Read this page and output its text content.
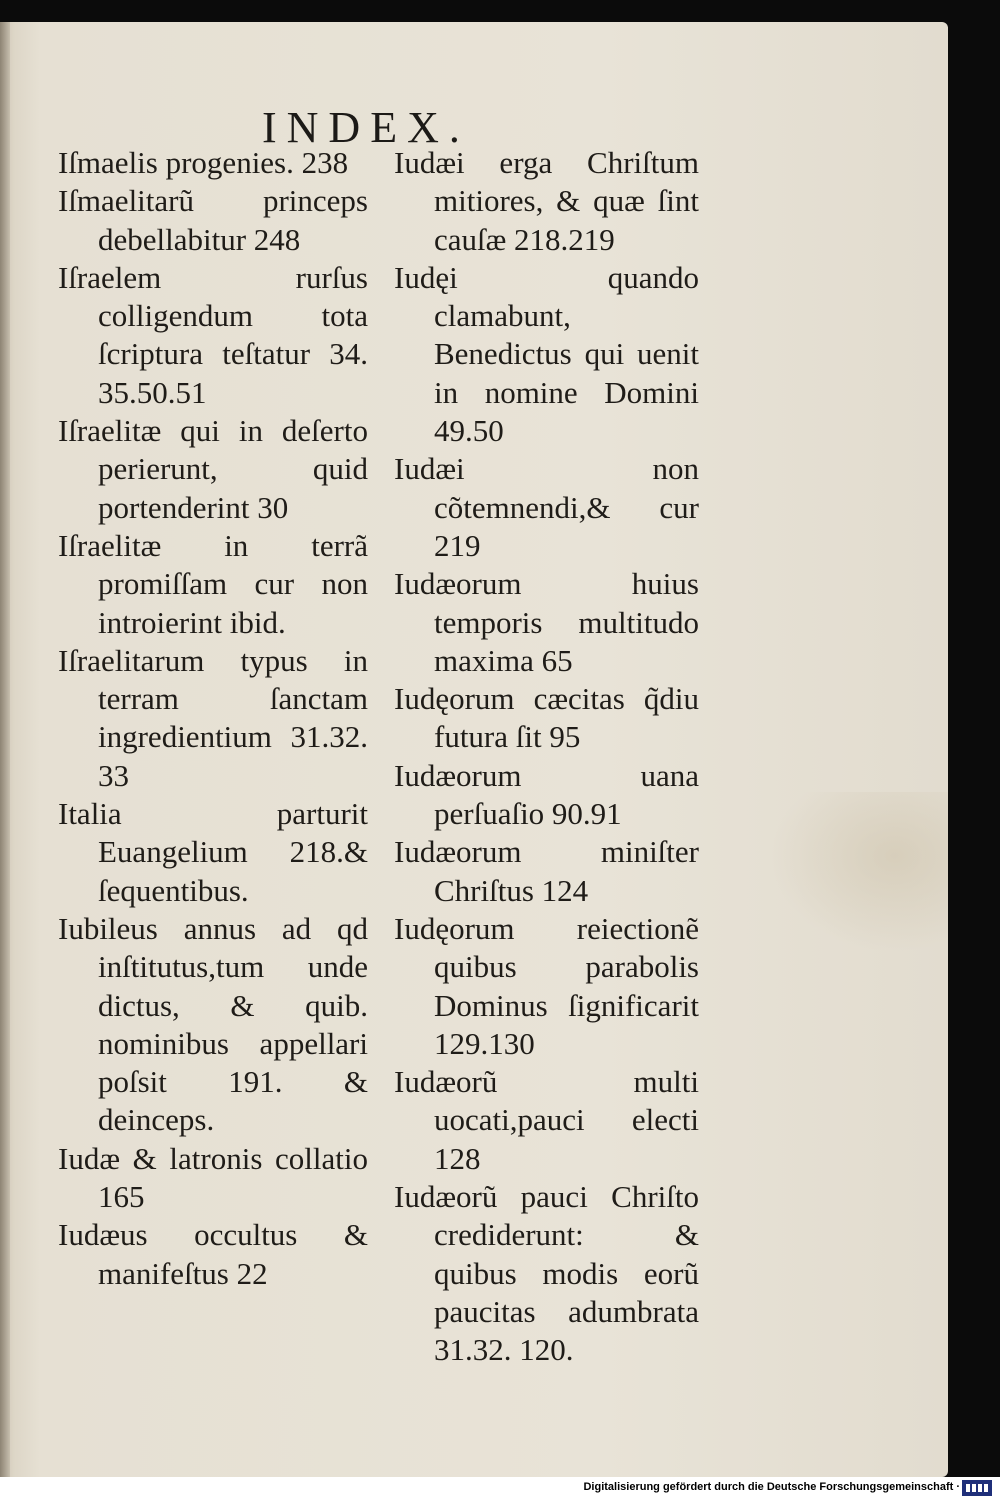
INDEX.
Iſmaelis progenies. 238
Iſmaelitarũ princeps debellabitur 248
Iſraelem rurſus colligendum tota ſcriptura teſtatur 34. 35.50.51
Iſraelitæ qui in deſerto perierunt, quid portenderint 30
Iſraelitæ in terrã promiſſam cur non introierint ibid.
Iſraelitarum typus in terram ſanctam ingredientium 31.32. 33
Italia parturit Euangelium 218.& ſequentibus.
Iubileus annus ad qd inſtitutus,tum unde dictus, & quib. nominibus appellari poſsit 191. & deinceps.
Iudæ & latronis collatio 165
Iudæus occultus & manifeſtus 22
Iudæi erga Chriſtum mitiores, & quæ ſint cauſæ 218.219
Iudęi quando clamabunt, Benedictus qui uenit in nomine Domini 49.50
Iudæi non cõtemnendi,& cur 219
Iudæorum huius temporis multitudo maxima 65
Iudęorum cæcitas q̃diu futura ſit 95
Iudæorum uana perſuaſio 90.91
Iudæorum miniſter Chriſtus 124
Iudęorum reiectionẽ quibus parabolis Dominus ſignificarit 129.130
Iudæorũ multi uocati,pauci electi 128
Iudæorũ pauci Chriſto crediderunt: & quibus modis eorũ paucitas adumbrata 31.32. 120.
Digitalisierung gefördert durch die Deutsche Forschungsgemeinschaft ·
